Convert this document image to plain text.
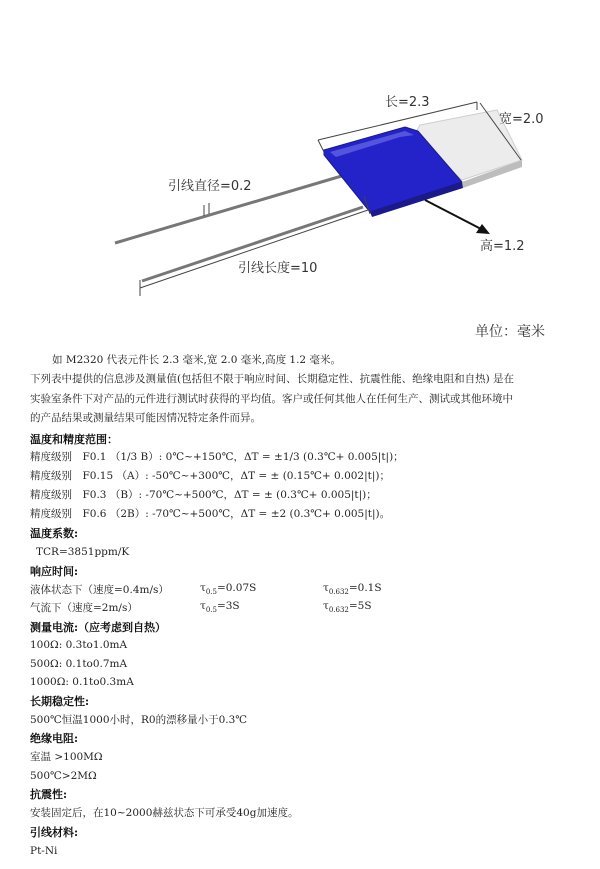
长=2.3
宽=2.0
高=1.2
引线直径=0.2
引线长度=10
单位：毫米
如 M2320 代表元件长 2.3 毫米,宽 2.0 毫米,高度 1.2 毫米。
下列表中提供的信息涉及测量值(包括但不限于响应时间、长期稳定性、抗震性能、绝缘电阻和自热) 是在
实验室条件下对产品的元件进行测试时获得的平均值。客户或任何其他人在任何生产、测试或其他环境中
的产品结果或测量结果可能因情况特定条件而异。
温度和精度范围：
精度级别　F0.1 （1/3 B）: 0℃~+150℃，ΔT = ±1/3 (0.3℃+ 0.005|t|)；
精度级别　F0.15 （A）: -50℃~+300℃，ΔT = ± (0.15℃+ 0.002|t|)；
精度级别　F0.3 （B）: -70℃~+500℃，ΔT = ± (0.3℃+ 0.005|t|)；
精度级别　F0.6 （2B）: -70℃~+500℃，ΔT = ±2 (0.3℃+ 0.005|t|)。
温度系数:
TCR=3851ppm/K
响应时间:
液体状态下（速度=0.4m/s）	$\tau_{0.5}=0.07S$	$\tau_{0.632}=0.1S$
气流下（速度=2m/s）	$\tau_{0.5}=3S$	$\tau_{0.632}=5S$
测量电流:（应考虑到自热）
100Ω: 0.3to1.0mA
500Ω: 0.1to0.7mA
1000Ω: 0.1to0.3mA
长期稳定性:
500℃恒温1000小时，R0的漂移量小于0.3℃
绝缘电阻:
室温 >100MΩ
500℃>2MΩ
抗震性:
安装固定后，在10~2000赫兹状态下可承受40g加速度。
引线材料:
Pt-Ni
